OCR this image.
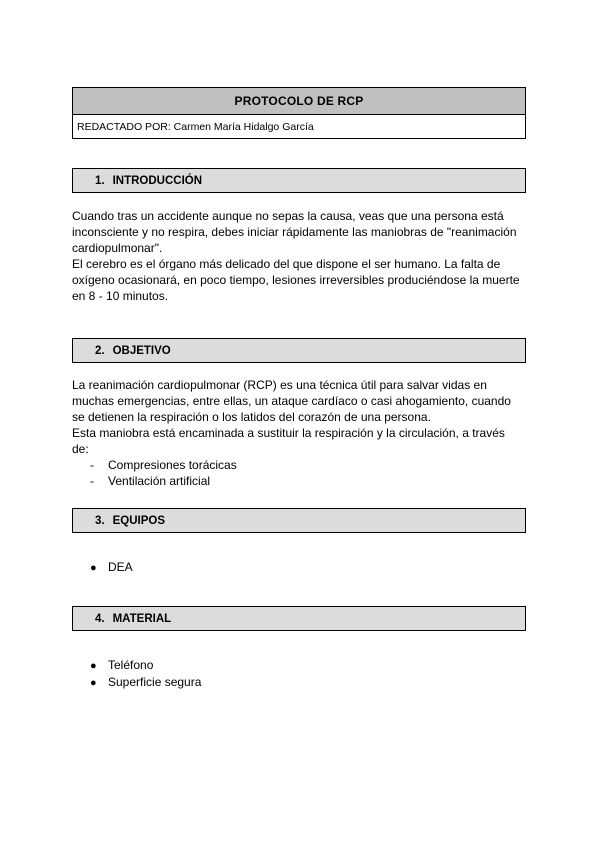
PROTOCOLO DE RCP
REDACTADO POR: Carmen María Hidalgo García
1. INTRODUCCIÓN
Cuando tras un accidente aunque no sepas la causa, veas que una persona está
inconsciente y no respira, debes iniciar rápidamente las maniobras de "reanimación
cardiopulmonar".
El cerebro es el órgano más delicado del que dispone el ser humano. La falta de
oxígeno ocasionará, en poco tiempo, lesiones irreversibles produciéndose la muerte
en 8 - 10 minutos.
2. OBJETIVO
La reanimación cardiopulmonar (RCP) es una técnica útil para salvar vidas en
muchas emergencias, entre ellas, un ataque cardíaco o casi ahogamiento, cuando
se detienen la respiración o los latidos del corazón de una persona.
Esta maniobra está encaminada a sustituir la respiración y la circulación, a través
de:
-	Compresiones torácicas
-	Ventilación artificial
3. EQUIPOS
● DEA
4. MATERIAL
● Teléfono
● Superficie segura
